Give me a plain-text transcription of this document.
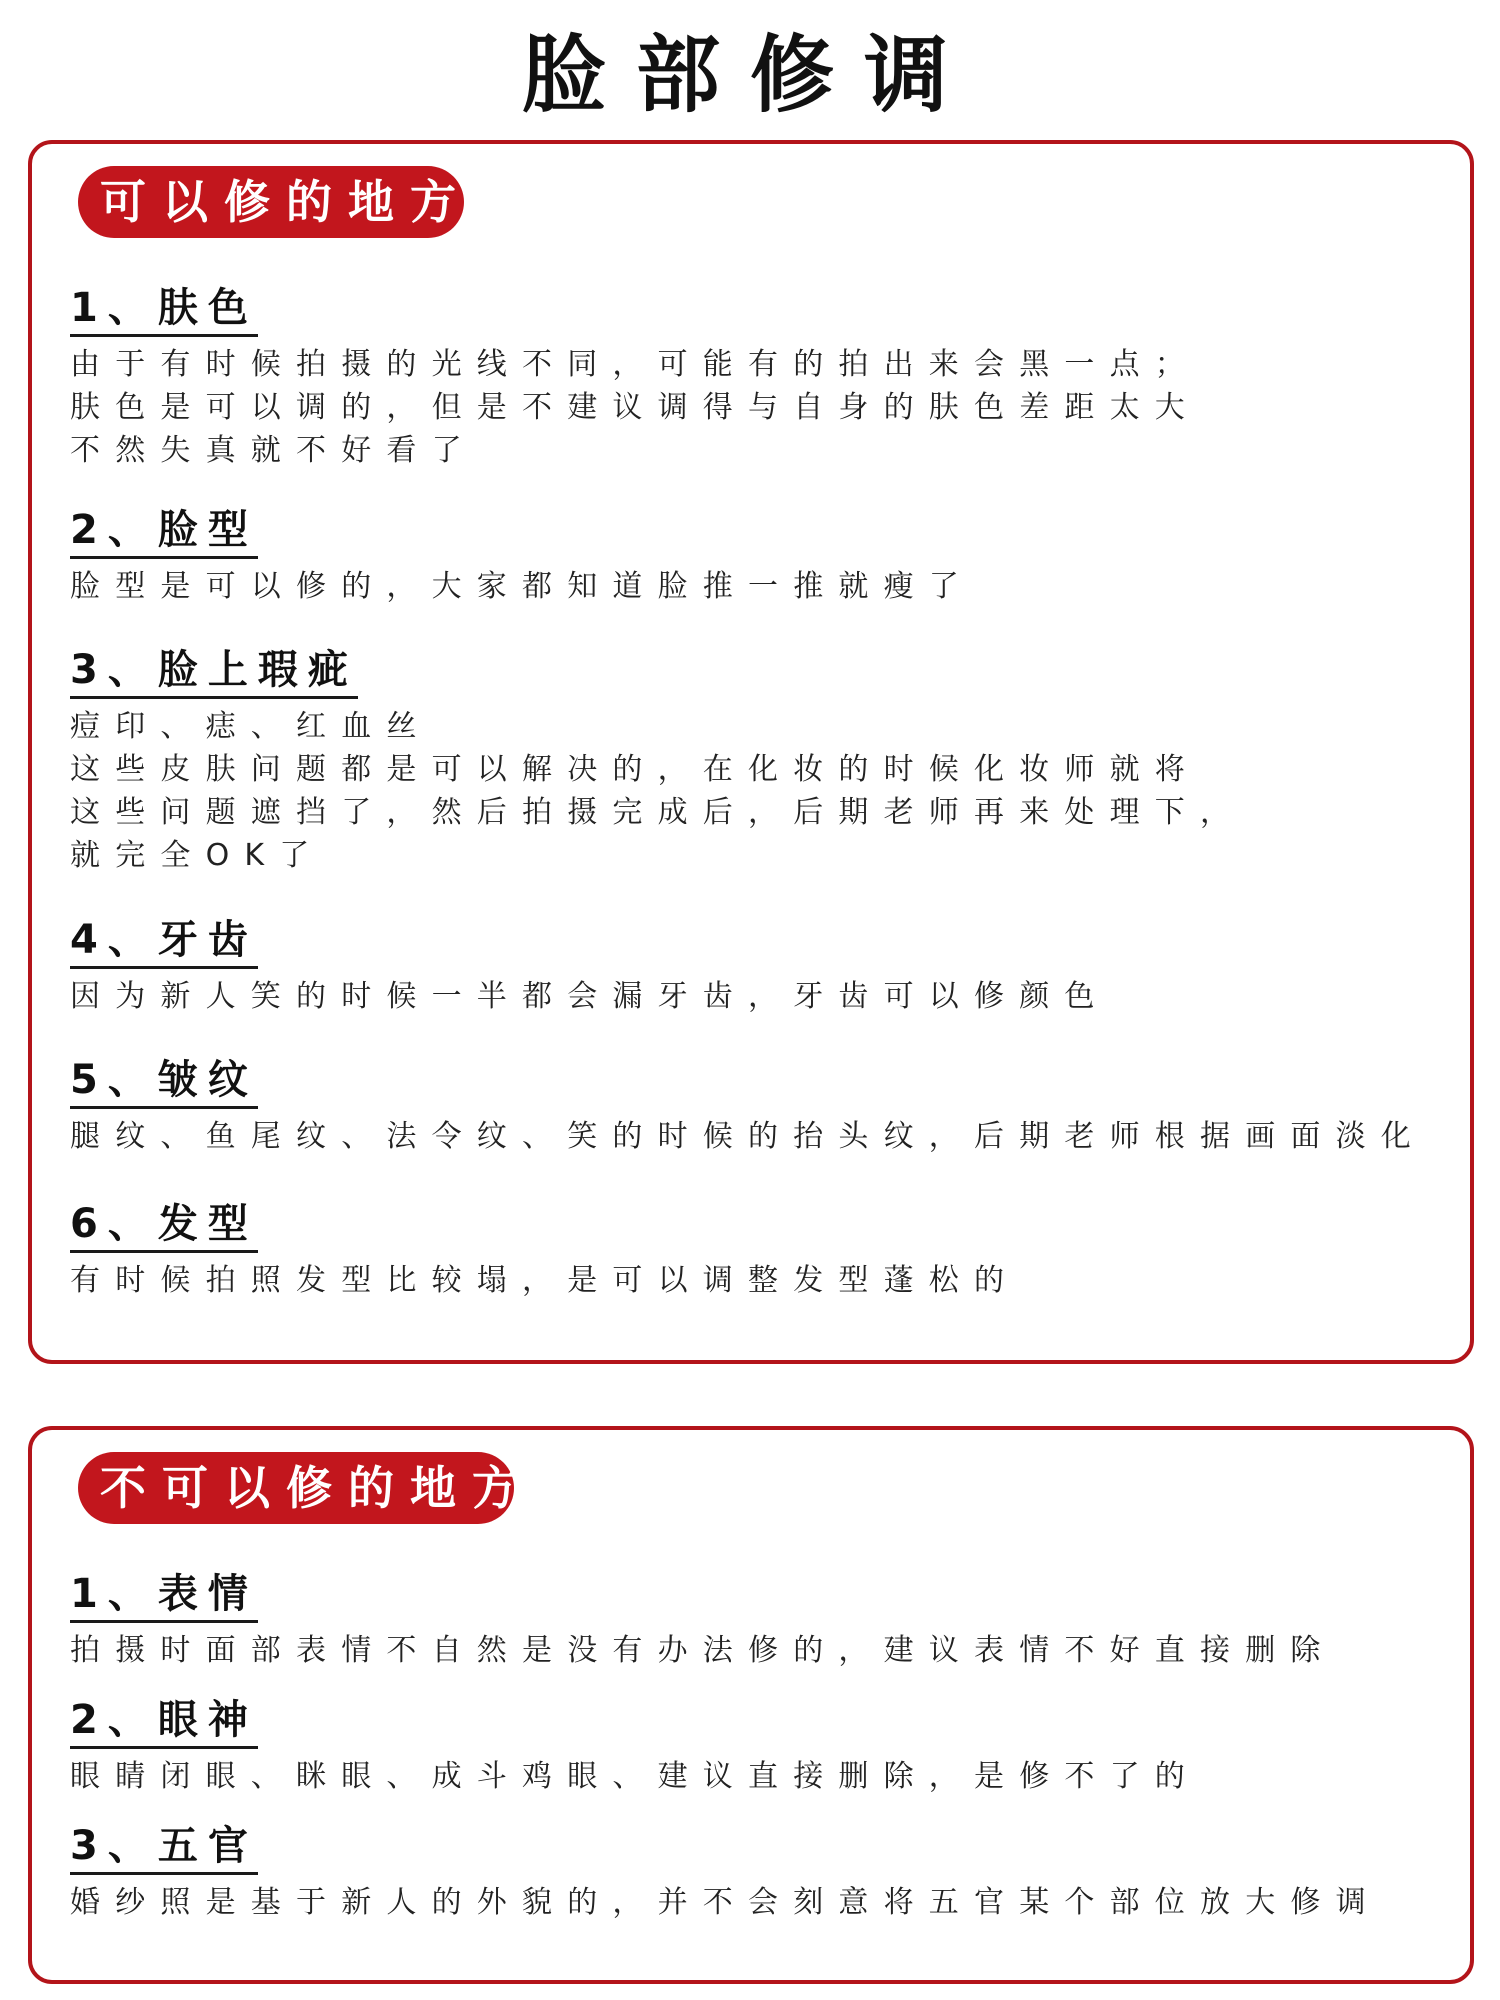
脸部修调
可以修的地方
1、肤色
由于有时候拍摄的光线不同，可能有的拍出来会黑一点；
肤色是可以调的，但是不建议调得与自身的肤色差距太大
不然失真就不好看了
2、脸型
脸型是可以修的，大家都知道脸推一推就瘦了
3、脸上瑕疵
痘印、痣、红血丝
这些皮肤问题都是可以解决的，在化妆的时候化妆师就将
这些问题遮挡了，然后拍摄完成后，后期老师再来处理下，
就完全OK了
4、牙齿
因为新人笑的时候一半都会漏牙齿，牙齿可以修颜色
5、皱纹
腿纹、鱼尾纹、法令纹、笑的时候的抬头纹，后期老师根据画面淡化
6、发型
有时候拍照发型比较塌，是可以调整发型蓬松的
不可以修的地方
1、表情
拍摄时面部表情不自然是没有办法修的，建议表情不好直接删除
2、眼神
眼睛闭眼、眯眼、成斗鸡眼、建议直接删除，是修不了的
3、五官
婚纱照是基于新人的外貌的，并不会刻意将五官某个部位放大修调
